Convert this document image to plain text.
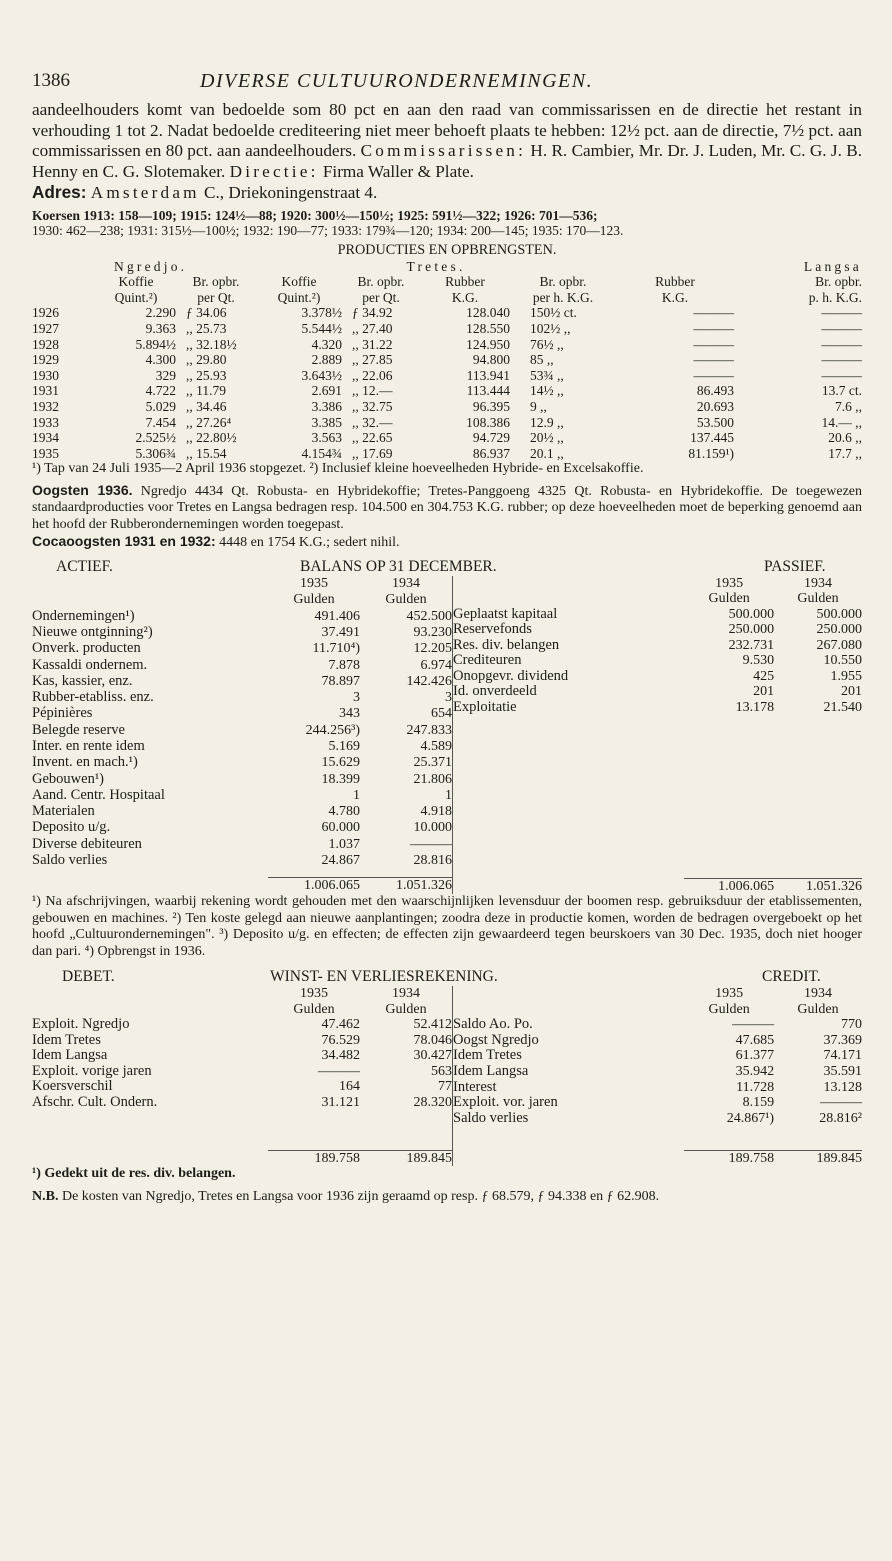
1386	DIVERSE CULTUURONDERNEMINGEN.

aandeelhouders komt van bedoelde som 80 pct en aan den raad van commissarissen en de directie het restant in verhouding 1 tot 2. Nadat bedoelde crediteering niet meer behoeft plaats te hebben: 12½ pct. aan de directie, 7½ pct. aan commissarissen en 80 pct. aan aandeelhouders. Commissarissen: H. R. Cambier, Mr. Dr. J. Luden, Mr. C. G. J. B. Henny en C. G. Slotemaker. Directie: Firma Waller & Plate.

Adres: Amsterdam C., Driekoningenstraat 4.

Koersen 1913: 158—109; 1915: 124½—88; 1920: 300½—150½; 1925: 591½—322; 1926: 701—536;

1930: 462—238; 1931: 315½—100½; 1932: 190—77; 1933: 179¾—120; 1934: 200—145; 1935: 170—123.

PRODUCTIES EN OPBRENGSTEN.
	Ngredjo.		Tretes.				Langsa	
	Koffie	Br. opbr.	Koffie	Br. opbr.	Rubber	Br. opbr.	Rubber	Br. opbr.
	Quint.²)	per Qt.	Quint.²)	per Qt.	K.G.	per h. K.G.	K.G.	p. h. K.G.
1926	2.290	ƒ 34.06	3.378½	ƒ 34.92	128.040	150½ ct.	———	———
1927	9.363	,, 25.73	5.544½	,, 27.40	128.550	102½ ,,	———	———
1928	5.894½	,, 32.18½	4.320	,, 31.22	124.950	76½ ,,	———	———
1929	4.300	,, 29.80	2.889	,, 27.85	94.800	85 ,,	———	———
1930	329	,, 25.93	3.643½	,, 22.06	113.941	53¾ ,,	———	———
1931	4.722	,, 11.79	2.691	,, 12.—	113.444	14½ ,,	86.493	13.7 ct.
1932	5.029	,, 34.46	3.386	,, 32.75	96.395	9 ,,	20.693	7.6 ,,
1933	7.454	,, 27.26⁴	3.385	,, 32.—	108.386	12.9 ,,	53.500	14.— ,,
1934	2.525½	,, 22.80½	3.563	,, 22.65	94.729	20½ ,,	137.445	20.6 ,,
1935	5.306¾	,, 15.54	4.154¾	,, 17.69	86.937	20.1 ,,	81.159¹)	17.7 ,,

¹) Tap van 24 Juli 1935—2 April 1936 stopgezet. ²) Inclusief kleine hoeveelheden Hybride- en Excelsakoffie.

Oogsten 1936. Ngredjo 4434 Qt. Robusta- en Hybridekoffie; Tretes-Panggoeng 4325 Qt. Robusta- en Hybridekoffie. De toegewezen standaardproducties voor Tretes en Langsa bedragen resp. 104.500 en 304.753 K.G. rubber; op deze hoeveelheden moet de beperking genoemd aan het hoofd der Rubberondernemingen worden toegepast.

Cocaoogsten 1931 en 1932: 4448 en 1754 K.G.; sedert nihil.

ACTIEF.	BALANS OP 31 DECEMBER.	PASSIEF.
	1935	1934
	Gulden	Gulden
Ondernemingen¹)	491.406	452.500
Nieuwe ontginning²)	37.491	93.230
Onverk. producten	11.710⁴)	12.205
Kassaldi ondernem.	7.878	6.974
Kas, kassier, enz.	78.897	142.426
Rubber-etabliss. enz.	3	3
Pépinières	343	654
Belegde reserve	244.256³)	247.833
Inter. en rente idem	5.169	4.589
Invent. en mach.¹)	15.629	25.371
Gebouwen¹)	18.399	21.806
Aand. Centr. Hospitaal	1	1
Materialen	4.780	4.918
Deposito u/g.	60.000	10.000
Diverse debiteuren	1.037	———
Saldo verlies	24.867	28.816

	1.006.065	1.051.326
	1935	1934
	Gulden	Gulden
Geplaatst kapitaal	500.000	500.000
Reservefonds	250.000	250.000
Res. div. belangen	232.731	267.080
Crediteuren	9.530	10.550
Onopgevr. dividend	425	1.955
Id. onverdeeld	201	201
Exploitatie	13.178	21.540

	1.006.065	1.051.326

¹) Na afschrijvingen, waarbij rekening wordt gehouden met den waarschijnlijken levensduur der boomen resp. gebruiksduur der etablissementen, gebouwen en machines. ²) Ten koste gelegd aan nieuwe aanplantingen; zoodra deze in productie komen, worden de bedragen overgeboekt op het hoofd „Cultuurondernemingen". ³) Deposito u/g. en effecten; de effecten zijn gewaardeerd tegen beurskoers van 30 Dec. 1935, doch niet hooger dan pari. ⁴) Opbrengst in 1936.

DEBET.	WINST- EN VERLIESREKENING.	CREDIT.
	1935	1934
	Gulden	Gulden
Exploit. Ngredjo	47.462	52.412
Idem Tretes	76.529	78.046
Idem Langsa	34.482	30.427
Exploit. vorige jaren	———	563
Koersverschil	164	77
Afschr. Cult. Ondern.	31.121	28.320

	189.758	189.845
	1935	1934
	Gulden	Gulden
Saldo Ao. Po.	———	770
Oogst Ngredjo	47.685	37.369
Idem Tretes	61.377	74.171
Idem Langsa	35.942	35.591
Interest	11.728	13.128
Exploit. vor. jaren	8.159	———
Saldo verlies	24.867¹)	28.816²

	189.758	189.845

¹) Gedekt uit de res. div. belangen.

N.B. De kosten van Ngredjo, Tretes en Langsa voor 1936 zijn geraamd op resp. ƒ 68.579, ƒ 94.338 en ƒ 62.908.
